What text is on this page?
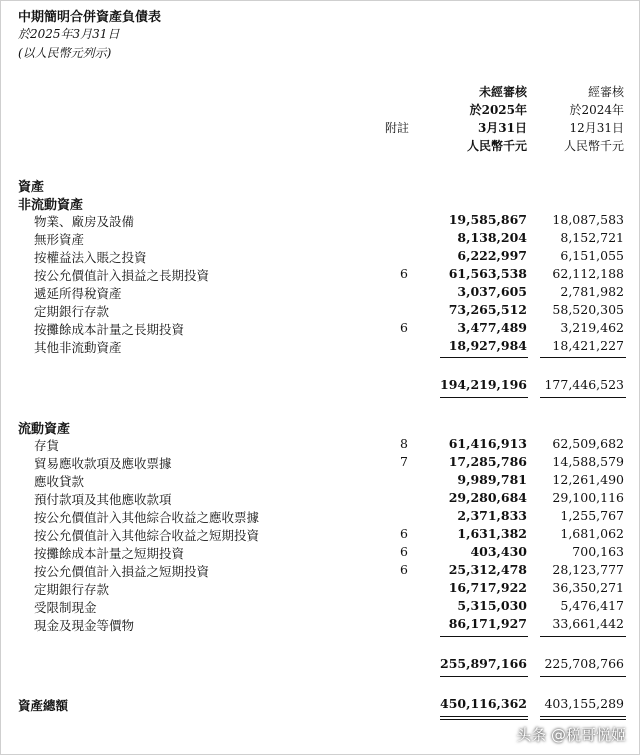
中期簡明合併資產負債表
於2025年3月31日
(以人民幣元列示)
附註
未經審核
於2025年
3月31日
人民幣千元
經審核
於2024年
12月31日
人民幣千元
資產
非流動資產
物業、廠房及設備	19,585,867 18,087,583
無形資產	8,138,204	8,152,721
按權益法入賬之投資	6,222,997	6,151,055
按公允價值計入損益之長期投資	6	61,563,538 62,112,188
遞延所得稅資產	3,037,605	2,781,982
定期銀行存款	73,265,512 58,520,305
按攤餘成本計量之長期投資	6	3,477,489	3,219,462
其他非流動資產	18,927,984 18,421,227
194,219,196 177,446,523
流動資產
存貨	8	61,416,913 62,509,682
貿易應收款項及應收票據	7	17,285,786 14,588,579
應收貸款	9,989,781 12,261,490
預付款項及其他應收款項	29,280,684 29,100,116
按公允價值計入其他綜合收益之應收票據	2,371,833	1,255,767
按公允價值計入其他綜合收益之短期投資	6	1,631,382	1,681,062
按攤餘成本計量之短期投資	6	403,430	700,163
按公允價值計入損益之短期投資	6	25,312,478 28,123,777
定期銀行存款	16,717,922 36,350,271
受限制現金	5,315,030	5,476,417
現金及現金等價物	86,171,927 33,661,442
255,897,166 225,708,766
資產總額	450,116,362 403,155,289
头条 @税哥悦姬
